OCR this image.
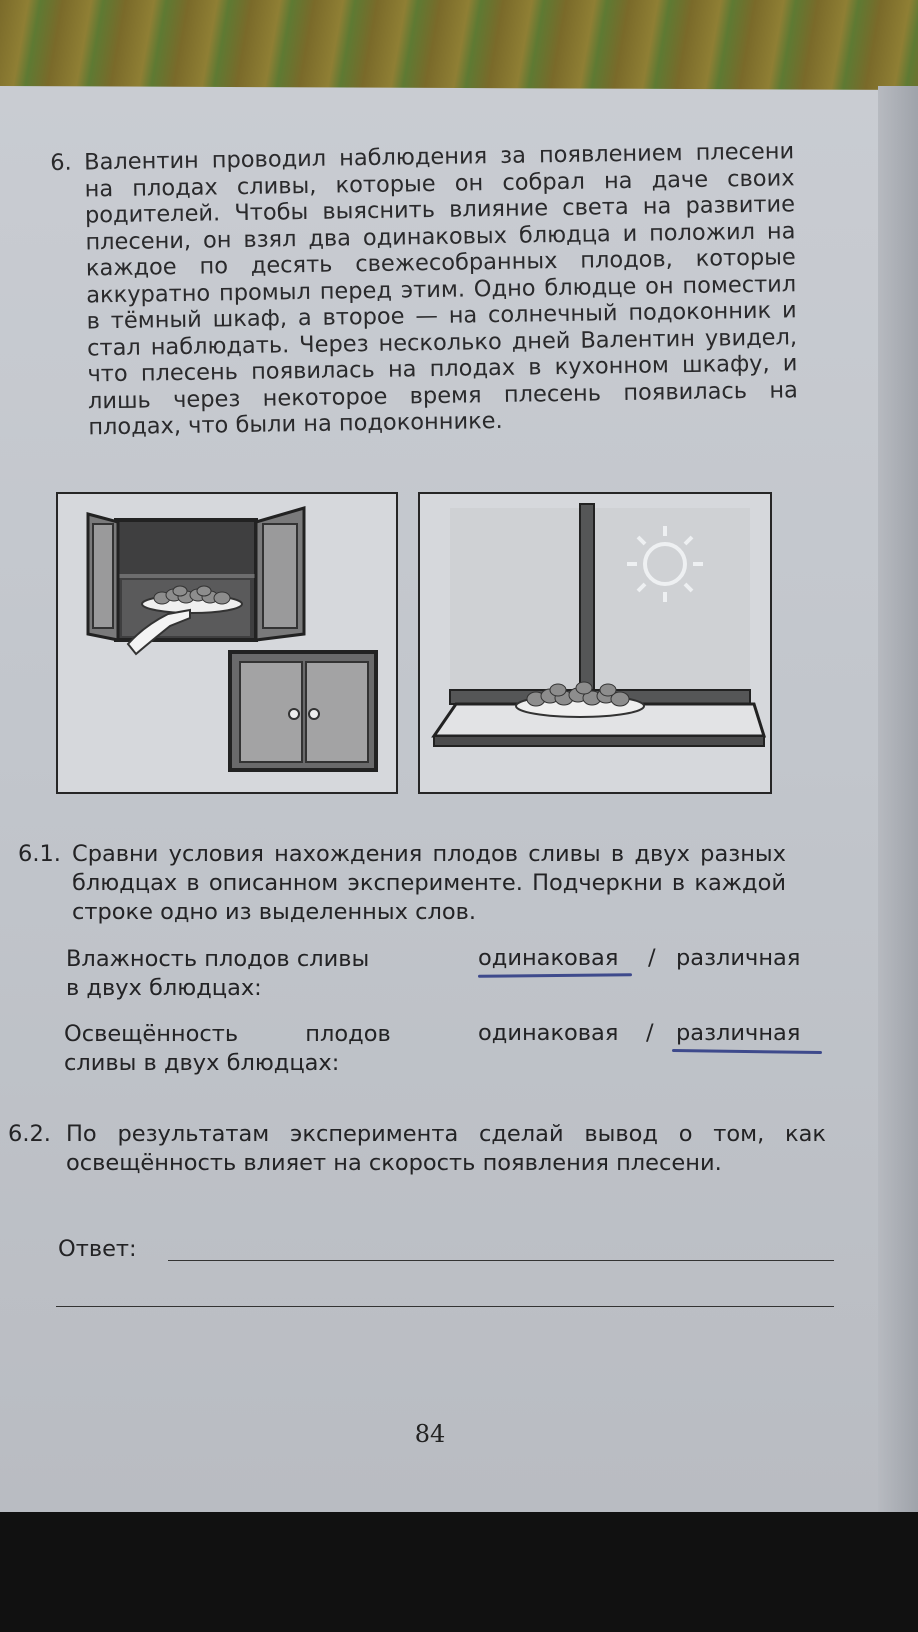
6. Валентин проводил наблюдения за появлением плесени на плодах сливы, которые он собрал на даче своих родителей. Чтобы выяснить влияние света на развитие плесени, он взял два одинаковых блюдца и положил на каждое по десять свежесобранных плодов, которые аккуратно промыл перед этим. Одно блюдце он поместил в тёмный шкаф, а второе — на солнечный подоконник и стал наблюдать. Через несколько дней Валентин увидел, что плесень появилась на плодах в кухонном шкафу, и лишь через некоторое время плесень появилась на плодах, что были на подоконнике.
6.1. Сравни условия нахождения плодов сливы в двух разных блюдцах в описанном эксперименте. Подчеркни в каждой строке одно из выделенных слов.
Влажность плодов сливы
в двух блюдцах:
одинаковая / различная
Освещённость плодов
сливы в двух блюдцах:
одинаковая / различная
6.2. По результатам эксперимента сделай вывод о том, как освещённость влияет на скорость появления плесени.
Ответ:
84
